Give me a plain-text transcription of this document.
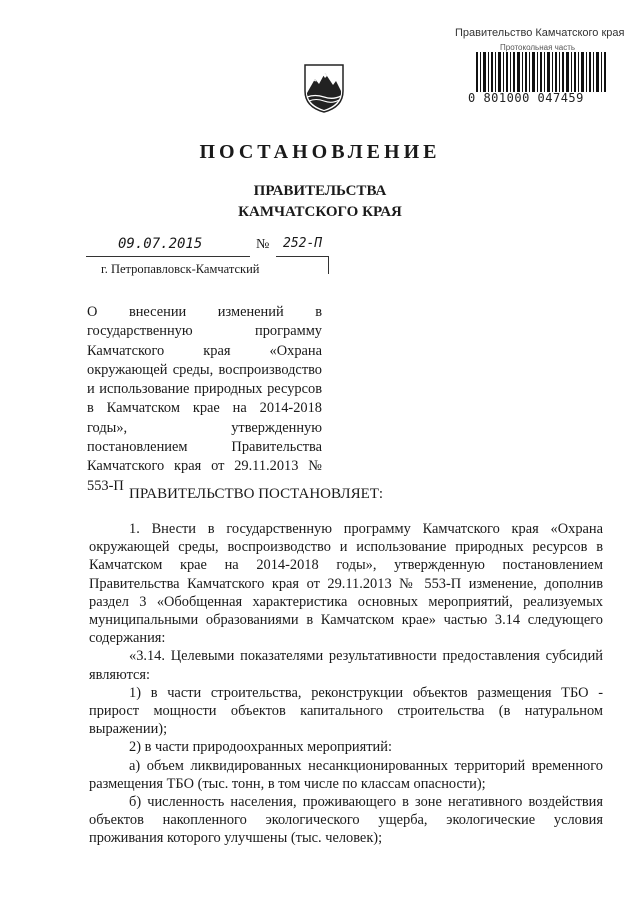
Правительство Камчатского края
Протокольная часть
0 801000 047459
ПОСТАНОВЛЕНИЕ
ПРАВИТЕЛЬСТВА
КАМЧАТСКОГО КРАЯ
09.07.2015	№ 252-П
г. Петропавловск-Камчатский
О внесении изменений в государственную программу Камчатского края «Охрана окружающей среды, воспроизводство и использование природных ресурсов в Камчатском крае на 2014-2018 годы», утвержденную постановлением Правительства Камчатского края от 29.11.2013 № 553-П
ПРАВИТЕЛЬСТВО ПОСТАНОВЛЯЕТ:

1. Внести в государственную программу Камчатского края «Охрана окружающей среды, воспроизводство и использование природных ресурсов в Камчатском крае на 2014-2018 годы», утвержденную постановлением Правительства Камчатского края от 29.11.2013 № 553-П изменение, дополнив раздел 3 «Обобщенная характеристика основных мероприятий, реализуемых муниципальными образованиями в Камчатском крае» частью 3.14 следующего содержания:

«3.14. Целевыми показателями результативности предоставления субсидий являются:

1) в части строительства, реконструкции объектов размещения ТБО - прирост мощности объектов капитального строительства (в натуральном выражении);

2) в части природоохранных мероприятий:

а) объем ликвидированных несанкционированных территорий временного размещения ТБО (тыс. тонн, в том числе по классам опасности);

б) численность населения, проживающего в зоне негативного воздействия объектов накопленного экологического ущерба, экологические условия проживания которого улучшены (тыс. человек);
